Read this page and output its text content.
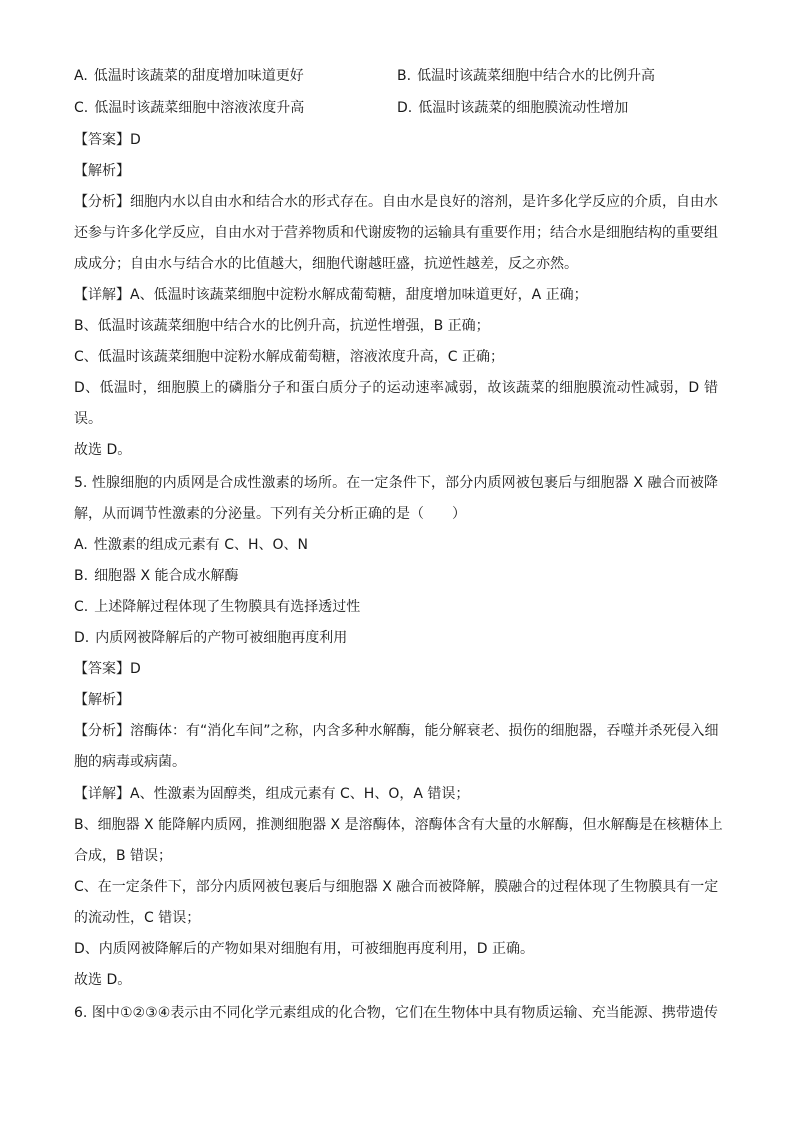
A. 低温时该蔬菜的甜度增加味道更好	B. 低温时该蔬菜细胞中结合水的比例升高
C. 低温时该蔬菜细胞中溶液浓度升高	D. 低温时该蔬菜的细胞膜流动性增加
【答案】D
【解析】
【分析】细胞内水以自由水和结合水的形式存在。自由水是良好的溶剂，是许多化学反应的介质，自由水
还参与许多化学反应，自由水对于营养物质和代谢废物的运输具有重要作用；结合水是细胞结构的重要组
成成分；自由水与结合水的比值越大，细胞代谢越旺盛，抗逆性越差，反之亦然。
【详解】A、低温时该蔬菜细胞中淀粉水解成葡萄糖，甜度增加味道更好，A 正确；
B、低温时该蔬菜细胞中结合水的比例升高，抗逆性增强，B 正确；
C、低温时该蔬菜细胞中淀粉水解成葡萄糖，溶液浓度升高，C 正确；
D、低温时，细胞膜上的磷脂分子和蛋白质分子的运动速率减弱，故该蔬菜的细胞膜流动性减弱，D 错
误。
故选 D。
5. 性腺细胞的内质网是合成性激素的场所。在一定条件下，部分内质网被包裹后与细胞器 X 融合而被降
解，从而调节性激素的分泌量。下列有关分析正确的是（　　）
A. 性激素的组成元素有 C、H、O、N
B. 细胞器 X 能合成水解酶
C. 上述降解过程体现了生物膜具有选择透过性
D. 内质网被降解后的产物可被细胞再度利用
【答案】D
【解析】
【分析】溶酶体：有“消化车间”之称，内含多种水解酶，能分解衰老、损伤的细胞器，吞噬并杀死侵入细
胞的病毒或病菌。
【详解】A、性激素为固醇类，组成元素有 C、H、O，A 错误；
B、细胞器 X 能降解内质网，推测细胞器 X 是溶酶体，溶酶体含有大量的水解酶，但水解酶是在核糖体上
合成，B 错误；
C、在一定条件下，部分内质网被包裹后与细胞器 X 融合而被降解，膜融合的过程体现了生物膜具有一定
的流动性，C 错误；
D、内质网被降解后的产物如果对细胞有用，可被细胞再度利用，D 正确。
故选 D。
6. 图中①②③④表示由不同化学元素组成的化合物，它们在生物体中具有物质运输、充当能源、携带遗传
